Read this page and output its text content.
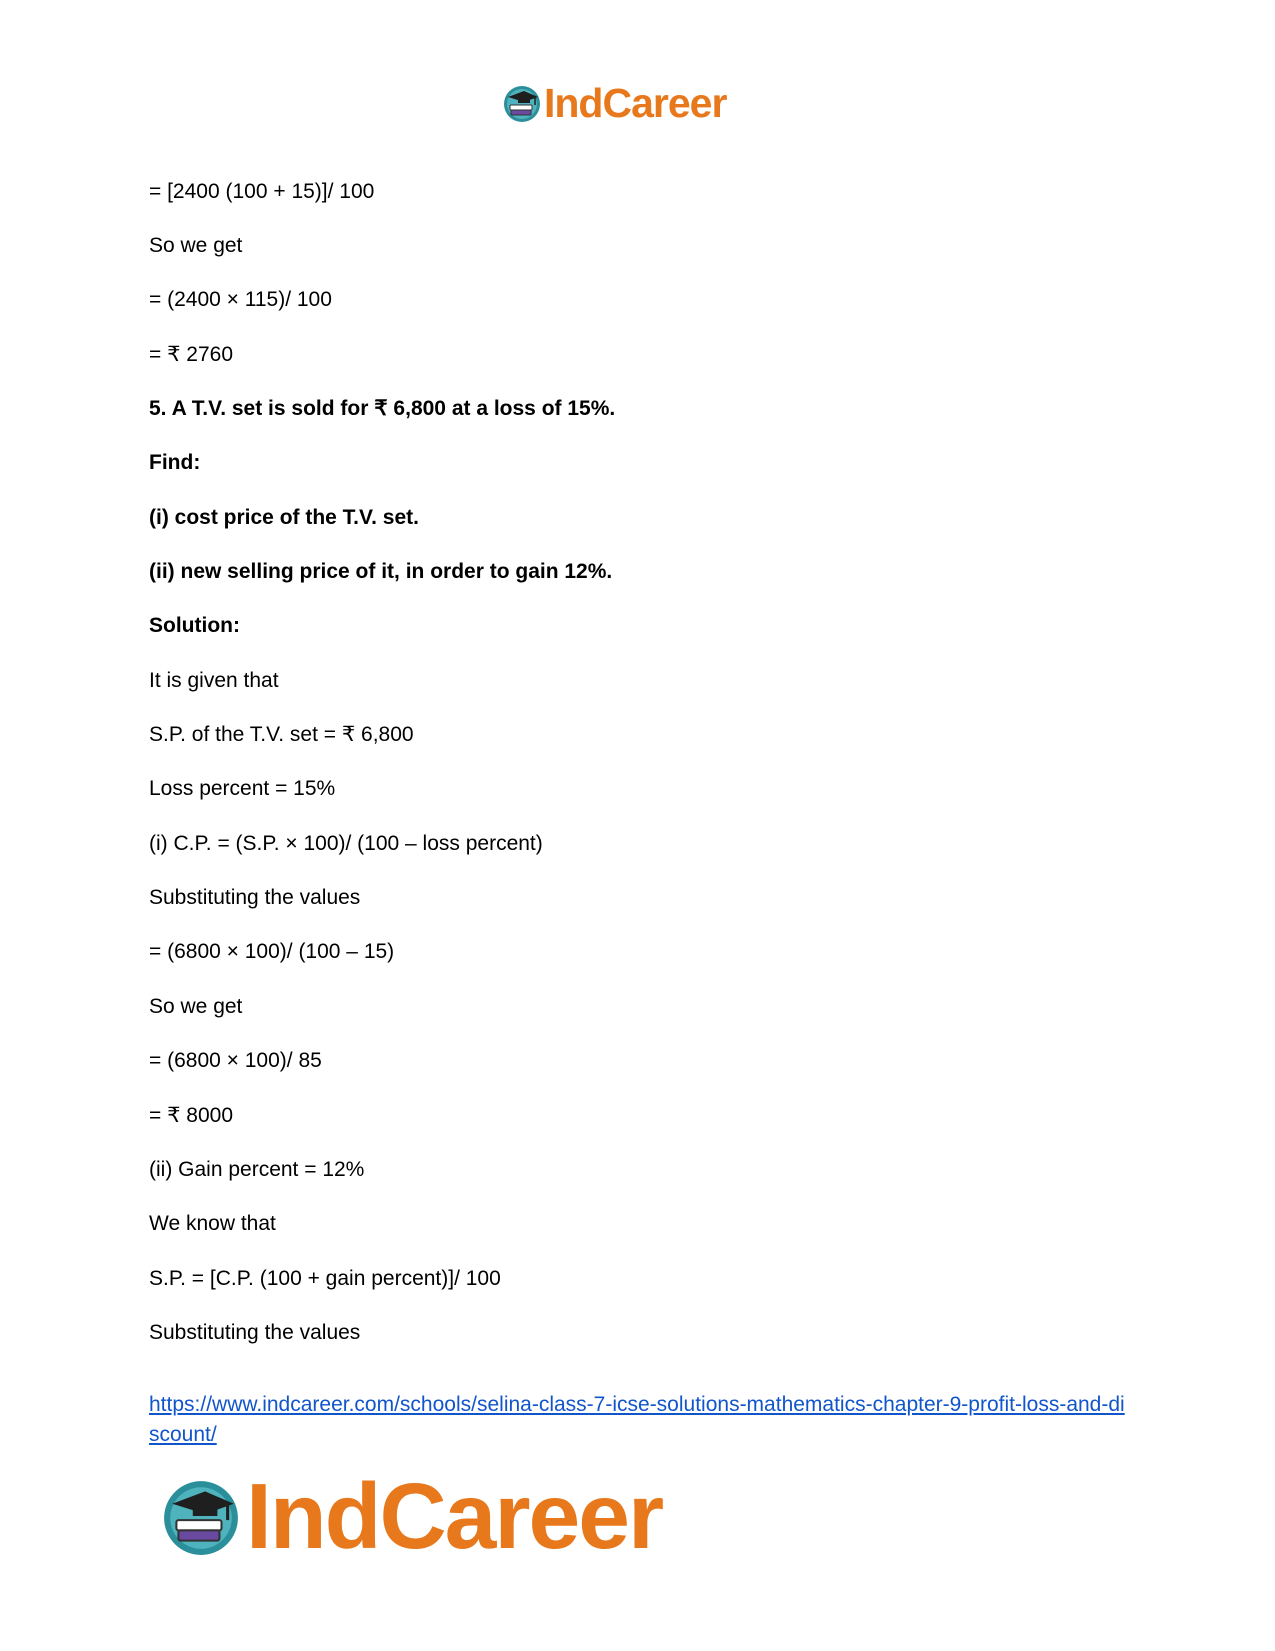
IndCareer
= [2400 (100 + 15)]/ 100
So we get
= (2400 × 115)/ 100
= ₹ 2760
5. A T.V. set is sold for ₹ 6,800 at a loss of 15%.
Find:
(i) cost price of the T.V. set.
(ii) new selling price of it, in order to gain 12%.
Solution:
It is given that
S.P. of the T.V. set = ₹ 6,800
Loss percent = 15%
(i) C.P. = (S.P. × 100)/ (100 – loss percent)
Substituting the values
= (6800 × 100)/ (100 – 15)
So we get
= (6800 × 100)/ 85
= ₹ 8000
(ii) Gain percent = 12%
We know that
S.P. = [C.P. (100 + gain percent)]/ 100
Substituting the values
https://www.indcareer.com/schools/selina-class-7-icse-solutions-mathematics-chapter-9-profit-loss-and-discount/
IndCareer
